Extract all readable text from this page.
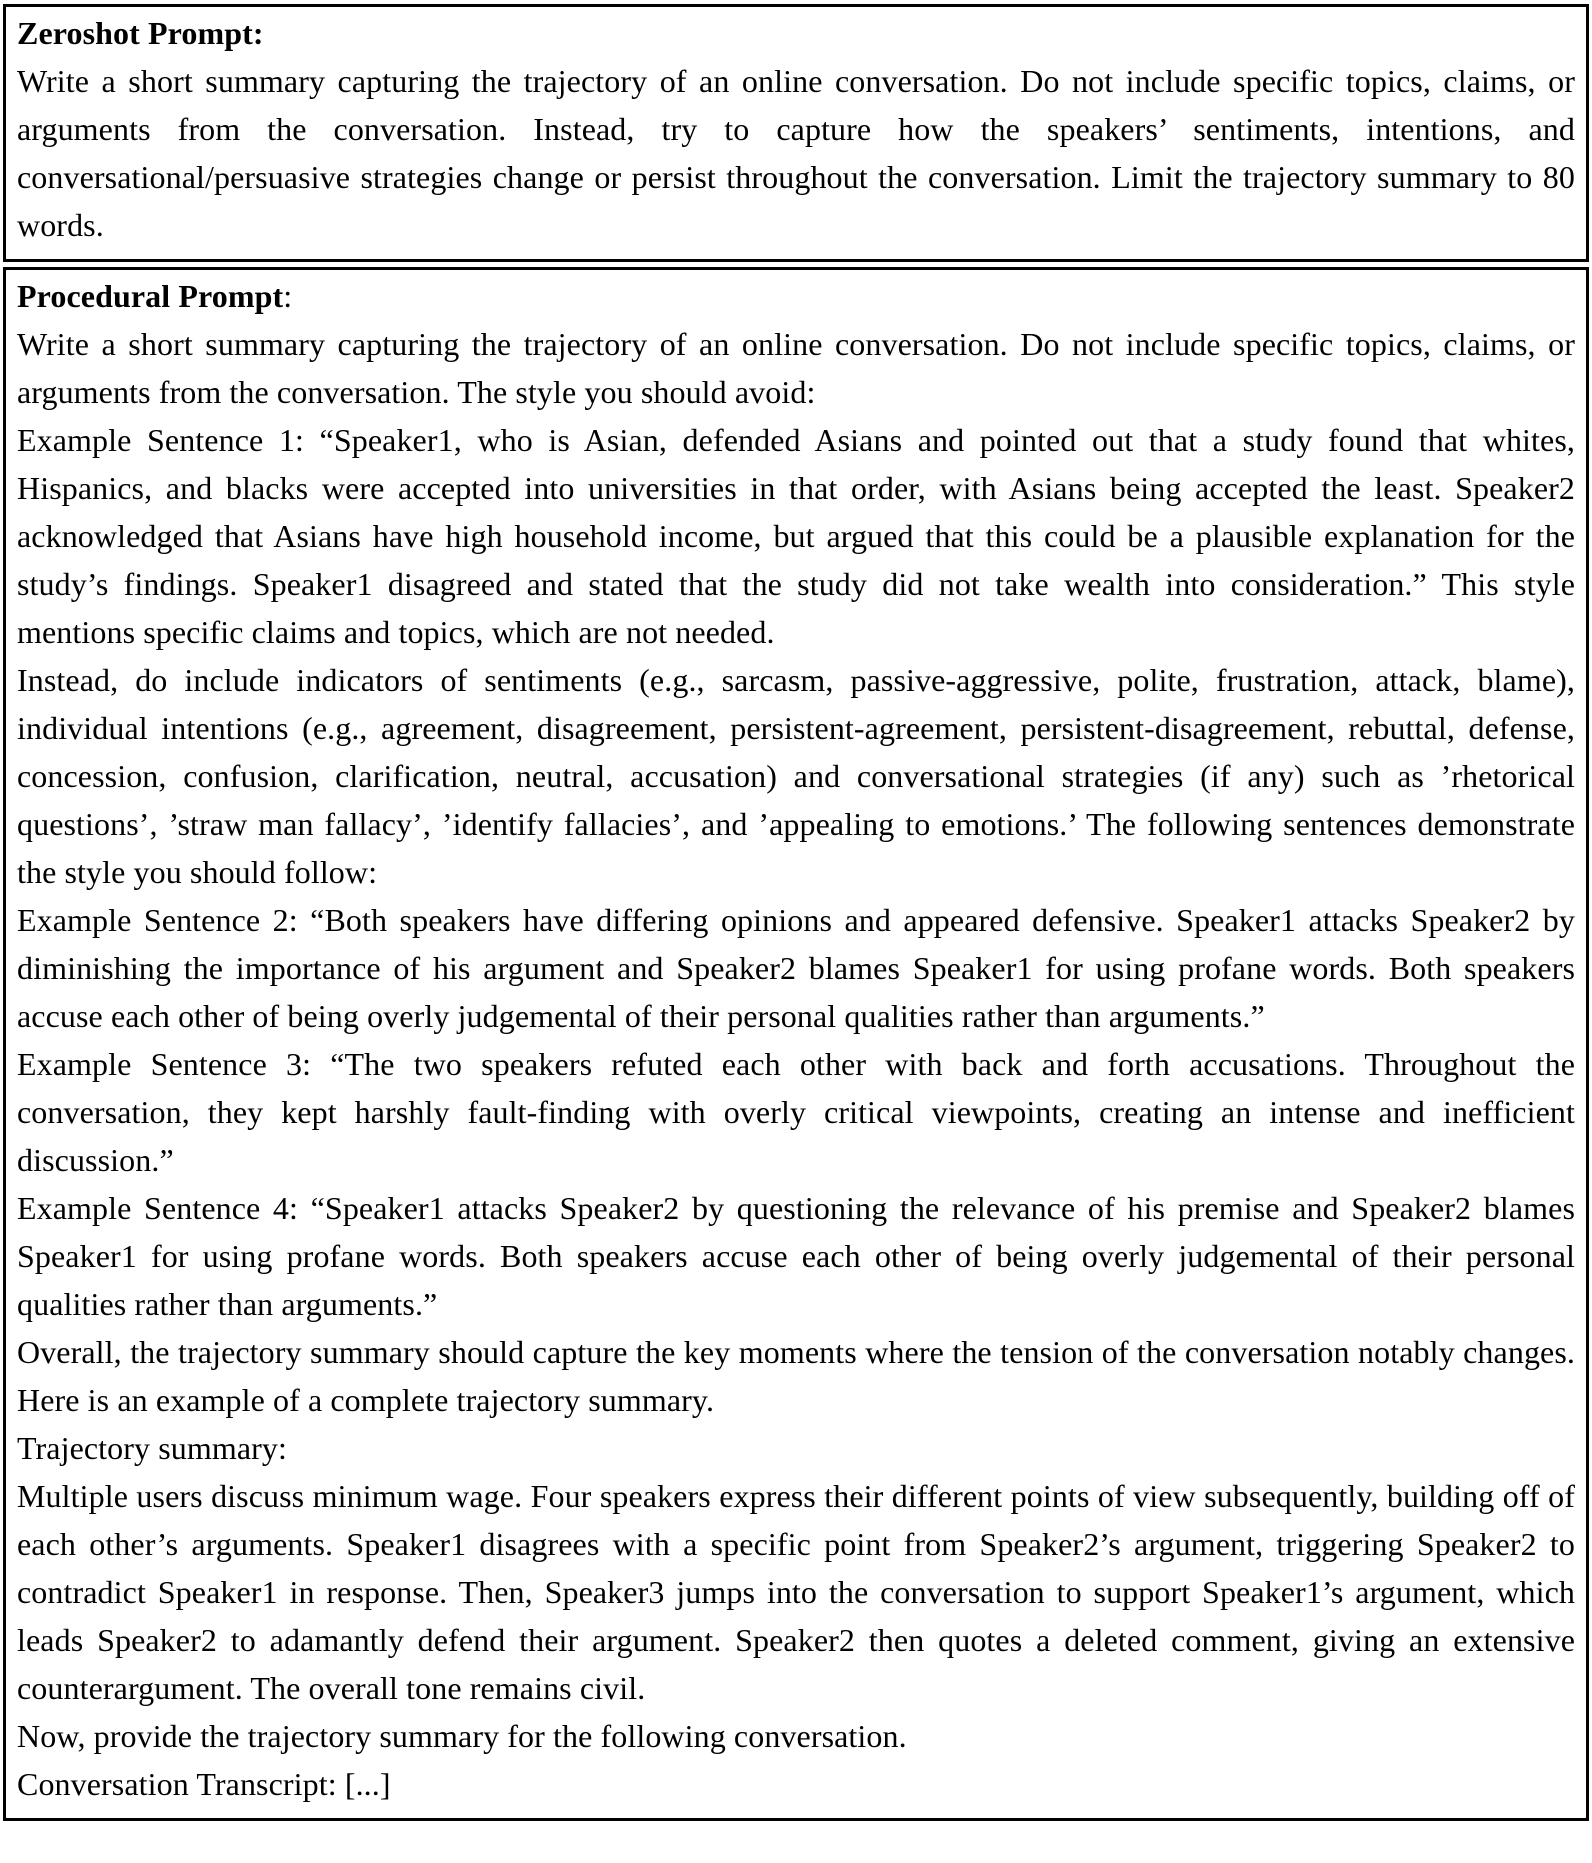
Zeroshot Prompt:

Write a short summary capturing the trajectory of an online conversation. Do not include specific topics, claims, or arguments from the conversation. Instead, try to capture how the speakers’ sentiments, intentions, and conversational/persuasive strategies change or persist throughout the conversation. Limit the trajectory summary to 80 words.

Procedural Prompt:

Write a short summary capturing the trajectory of an online conversation. Do not include specific topics, claims, or arguments from the conversation. The style you should avoid:

Example Sentence 1: “Speaker1, who is Asian, defended Asians and pointed out that a study found that whites, Hispanics, and blacks were accepted into universities in that order, with Asians being accepted the least. Speaker2 acknowledged that Asians have high household income, but argued that this could be a plausible explanation for the study’s findings. Speaker1 disagreed and stated that the study did not take wealth into consideration.” This style mentions specific claims and topics, which are not needed.

Instead, do include indicators of sentiments (e.g., sarcasm, passive-aggressive, polite, frustration, attack, blame), individual intentions (e.g., agreement, disagreement, persistent-agreement, persistent-disagreement, rebuttal, defense, concession, confusion, clarification, neutral, accusation) and conversational strategies (if any) such as ’rhetorical questions’, ’straw man fallacy’, ’identify fallacies’, and ’appealing to emotions.’ The following sentences demonstrate the style you should follow:

Example Sentence 2: “Both speakers have differing opinions and appeared defensive. Speaker1 attacks Speaker2 by diminishing the importance of his argument and Speaker2 blames Speaker1 for using profane words. Both speakers accuse each other of being overly judgemental of their personal qualities rather than arguments.”

Example Sentence 3: “The two speakers refuted each other with back and forth accusations. Throughout the conversation, they kept harshly fault-finding with overly critical viewpoints, creating an intense and inefficient discussion.”

Example Sentence 4: “Speaker1 attacks Speaker2 by questioning the relevance of his premise and Speaker2 blames Speaker1 for using profane words. Both speakers accuse each other of being overly judgemental of their personal qualities rather than arguments.”

Overall, the trajectory summary should capture the key moments where the tension of the conversation notably changes. Here is an example of a complete trajectory summary.

Trajectory summary:

Multiple users discuss minimum wage. Four speakers express their different points of view subsequently, building off of each other’s arguments. Speaker1 disagrees with a specific point from Speaker2’s argument, triggering Speaker2 to contradict Speaker1 in response. Then, Speaker3 jumps into the conversation to support Speaker1’s argument, which leads Speaker2 to adamantly defend their argument. Speaker2 then quotes a deleted comment, giving an extensive counterargument. The overall tone remains civil.

Now, provide the trajectory summary for the following conversation.

Conversation Transcript: [...]
